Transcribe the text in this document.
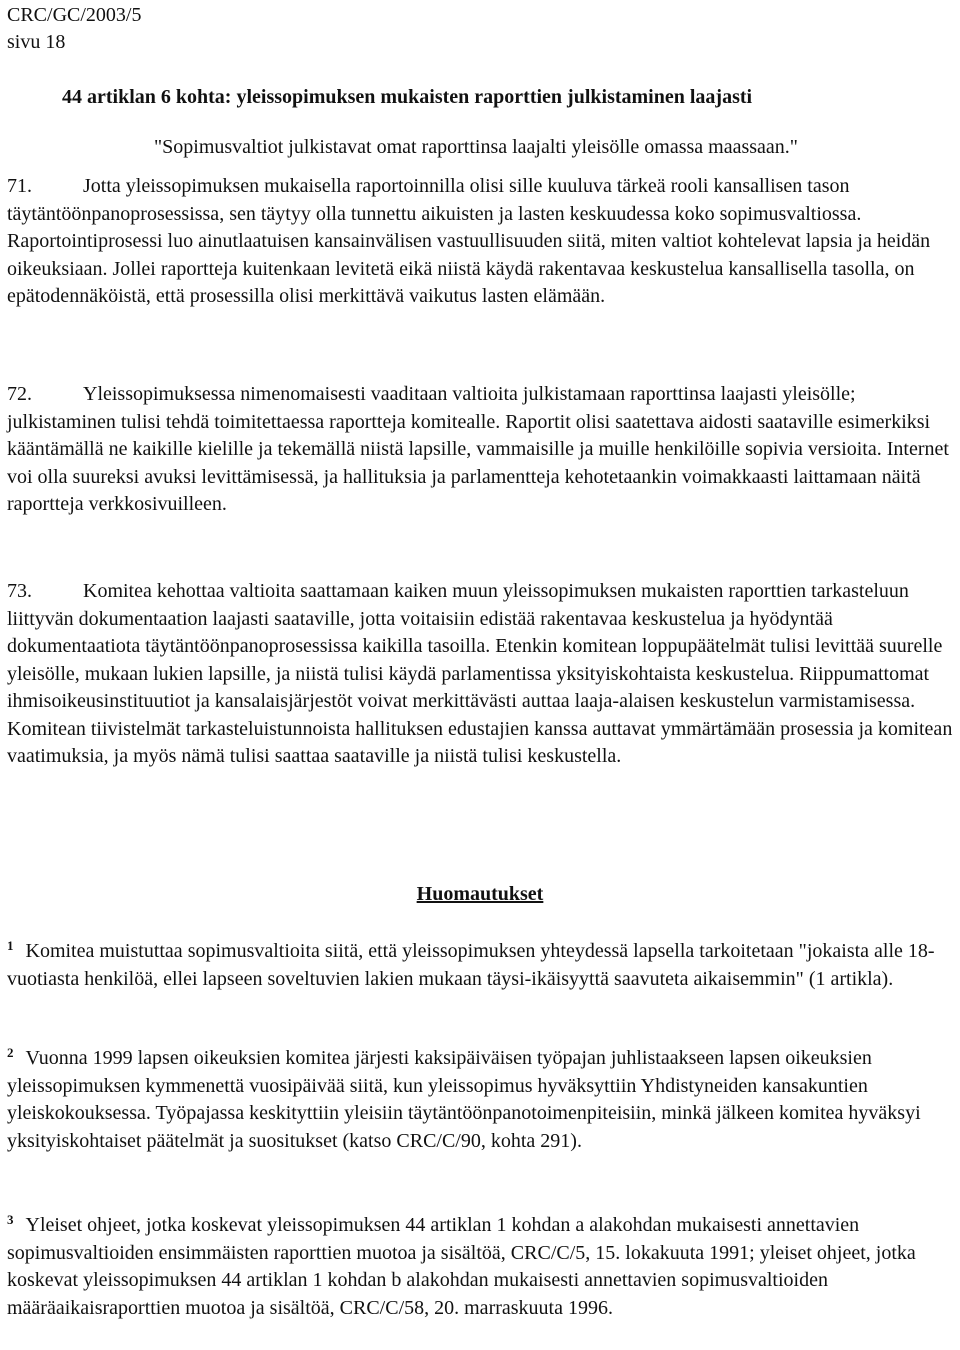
CRC/GC/2003/5
sivu 18
44 artiklan 6 kohta: yleissopimuksen mukaisten raporttien julkistaminen laajasti
"Sopimusvaltiot julkistavat omat raporttinsa laajalti yleisölle omassa maassaan."

71.	Jotta yleissopimuksen mukaisella raportoinnilla olisi sille kuuluva tärkeä rooli kansallisen tason täytäntöönpanoprosessissa, sen täytyy olla tunnettu aikuisten ja lasten keskuudessa koko sopimusvaltiossa. Raportointiprosessi luo ainutlaatuisen kansainvälisen vastuullisuuden siitä, miten valtiot kohtelevat lapsia ja heidän oikeuksiaan. Jollei raportteja kuitenkaan levitetä eikä niistä käydä rakentavaa keskustelua kansallisella tasolla, on epätodennäköistä, että prosessilla olisi merkittävä vaikutus lasten elämään.

72.	Yleissopimuksessa nimenomaisesti vaaditaan valtioita julkistamaan raporttinsa laajasti yleisölle; julkistaminen tulisi tehdä toimitettaessa raportteja komitealle. Raportit olisi saatettava aidosti saataville esimerkiksi kääntämällä ne kaikille kielille ja tekemällä niistä lapsille, vammaisille ja muille henkilöille sopivia versioita. Internet voi olla suureksi avuksi levittämisessä, ja hallituksia ja parlamentteja kehotetaankin voimakkaasti laittamaan näitä raportteja verkkosivuilleen.

73.	Komitea kehottaa valtioita saattamaan kaiken muun yleissopimuksen mukaisten raporttien tarkasteluun liittyvän dokumentaation laajasti saataville, jotta voitaisiin edistää rakentavaa keskustelua ja hyödyntää dokumentaatiota täytäntöönpanoprosessissa kaikilla tasoilla. Etenkin komitean loppupäätelmät tulisi levittää suurelle yleisölle, mukaan lukien lapsille, ja niistä tulisi käydä parlamentissa yksityiskohtaista keskustelua. Riippumattomat ihmisoikeusinstituutiot ja kansalaisjärjestöt voivat merkittävästi auttaa laaja-alaisen keskustelun varmistamisessa. Komitean tiivistelmät tarkasteluistunnoista hallituksen edustajien kanssa auttavat ymmärtämään prosessia ja komitean vaatimuksia, ja myös nämä tulisi saattaa saataville ja niistä tulisi keskustella.

Huomautukset

$^1$ Komitea muistuttaa sopimusvaltioita siitä, että yleissopimuksen yhteydessä lapsella tarkoitetaan "jokaista alle 18-vuotiasta henkilöä, ellei lapseen soveltuvien lakien mukaan täysi-ikäisyyttä saavuteta aikaisemmin" (1 artikla).

$^2$ Vuonna 1999 lapsen oikeuksien komitea järjesti kaksipäiväisen työpajan juhlistaakseen lapsen oikeuksien yleissopimuksen kymmenettä vuosipäivää siitä, kun yleissopimus hyväksyttiin Yhdistyneiden kansakuntien yleiskokouksessa. Työpajassa keskityttiin yleisiin täytäntöönpanotoimenpiteisiin, minkä jälkeen komitea hyväksyi yksityiskohtaiset päätelmät ja suositukset (katso CRC/C/90, kohta 291).

$^3$ Yleiset ohjeet, jotka koskevat yleissopimuksen 44 artiklan 1 kohdan a alakohdan mukaisesti annettavien sopimusvaltioiden ensimmäisten raporttien muotoa ja sisältöä, CRC/C/5, 15. lokakuuta 1991; yleiset ohjeet, jotka koskevat yleissopimuksen 44 artiklan 1 kohdan b alakohdan mukaisesti annettavien sopimusvaltioiden määräaikaisraporttien muotoa ja sisältöä, CRC/C/58, 20. marraskuuta 1996.
